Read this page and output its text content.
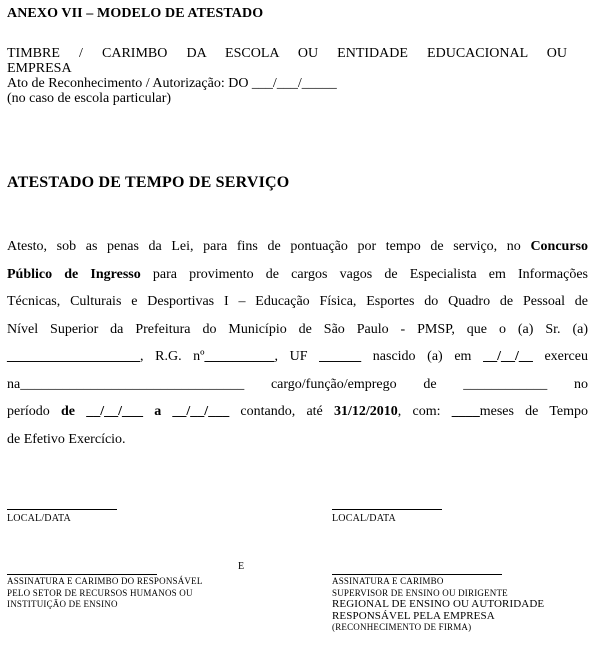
ANEXO VII – MODELO DE ATESTADO
TIMBRE / CARIMBO DA ESCOLA OU ENTIDADE EDUCACIONAL OU
EMPRESA
Ato de Reconhecimento / Autorização: DO ___/___/_____
(no caso de escola particular)
ATESTADO DE TEMPO DE SERVIÇO
Atesto, sob as penas da Lei, para fins de pontuação por tempo de serviço, no Concurso
Público de Ingresso para provimento de cargos vagos de Especialista em Informações
Técnicas, Culturais e Desportivas I – Educação Física, Esportes do Quadro de Pessoal de
Nível Superior da Prefeitura do Município de São Paulo - PMSP, que o (a) Sr. (a)
___________________, R.G. nº__________, UF ______ nascido (a) em __/__/__ exerceu
na________________________________ cargo/função/emprego de ____________ no
período de __/__/___ a __/__/___ contando, até 31/12/2010, com: ____meses de Tempo
de Efetivo Exercício.
LOCAL/DATA	LOCAL/DATA
E
ASSINATURA E CARIMBO DO RESPONSÁVEL
PELO SETOR DE RECURSOS HUMANOS OU
INSTITUIÇÃO DE ENSINO
ASSINATURA E CARIMBO
SUPERVISOR DE ENSINO OU DIRIGENTE
REGIONAL DE ENSINO OU AUTORIDADE
RESPONSÁVEL PELA EMPRESA
(RECONHECIMENTO DE FIRMA)
